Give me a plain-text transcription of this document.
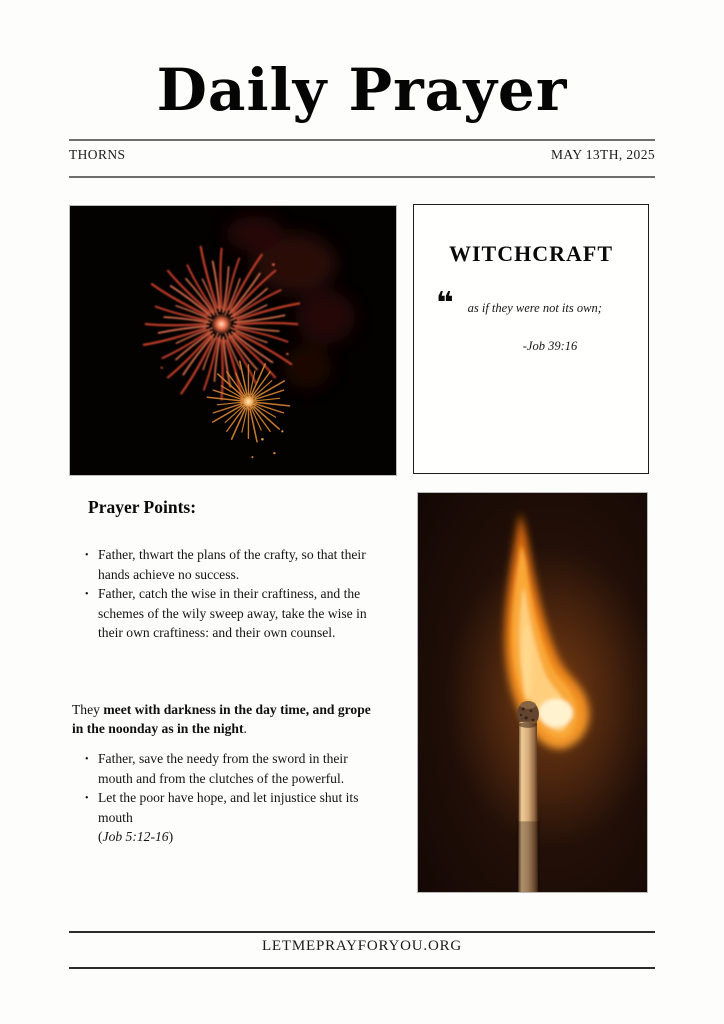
Daily Prayer
THORNS	MAY 13TH, 2025
WITCHCRAFT
❝ as if they were not its own;
-Job 39:16
Prayer Points:
• Father, thwart the plans of the crafty, so that their hands achieve no success.
• Father, catch the wise in their craftiness, and the schemes of the wily sweep away, take the wise in their own craftiness: and their own counsel.

They meet with darkness in the day time, and grope in the noonday as in the night.

• Father, save the needy from the sword in their mouth and from the clutches of the powerful.
• Let the poor have hope, and let injustice shut its mouth
(Job 5:12-16)
LETMEPRAYFORYOU.ORG
